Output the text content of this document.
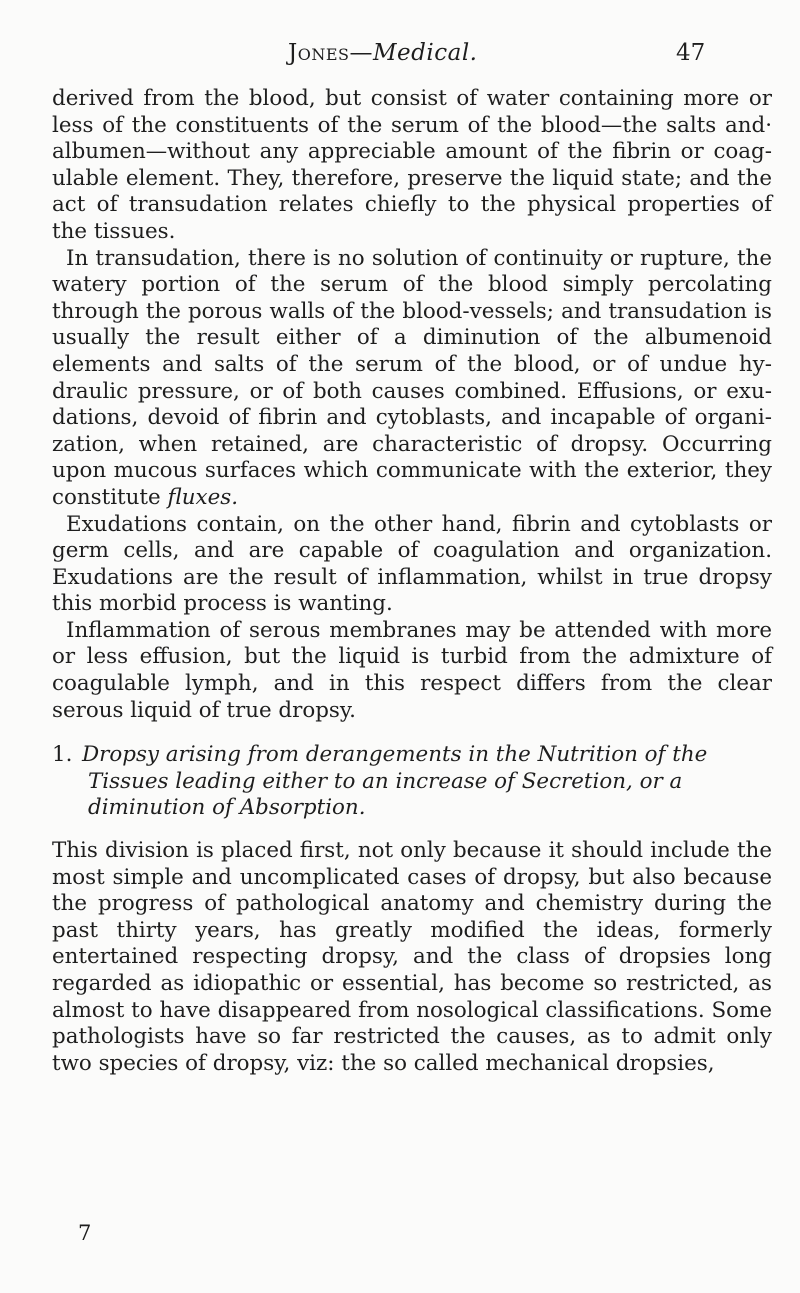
Jones—Medical.	47

derived from the blood, but consist of water containing more or less of the constituents of the serum of the blood—the salts and· albumen—without any appreciable amount of the fibrin or coagulable element. They, therefore, preserve the liquid state; and the act of transudation relates chiefly to the physical properties of the tissues.

In transudation, there is no solution of continuity or rupture, the watery portion of the serum of the blood simply percolating through the porous walls of the blood-vessels; and transudation is usually the result either of a diminution of the albumenoid elements and salts of the serum of the blood, or of undue hydraulic pressure, or of both causes combined. Effusions, or exudations, devoid of fibrin and cytoblasts, and incapable of organization, when retained, are characteristic of dropsy. Occurring upon mucous surfaces which communicate with the exterior, they constitute fluxes.

Exudations contain, on the other hand, fibrin and cytoblasts or germ cells, and are capable of coagulation and organization. Exudations are the result of inflammation, whilst in true dropsy this morbid process is wanting.

Inflammation of serous membranes may be attended with more or less effusion, but the liquid is turbid from the admixture of coagulable lymph, and in this respect differs from the clear serous liquid of true dropsy.

1. Dropsy arising from derangements in the Nutrition of the Tissues leading either to an increase of Secretion, or a diminution of Absorption.

This division is placed first, not only because it should include the most simple and uncomplicated cases of dropsy, but also because the progress of pathological anatomy and chemistry during the past thirty years, has greatly modified the ideas, formerly entertained respecting dropsy, and the class of dropsies long regarded as idiopathic or essential, has become so restricted, as almost to have disappeared from nosological classifications. Some pathologists have so far restricted the causes, as to admit only two species of dropsy, viz: the so called mechanical dropsies,

7
